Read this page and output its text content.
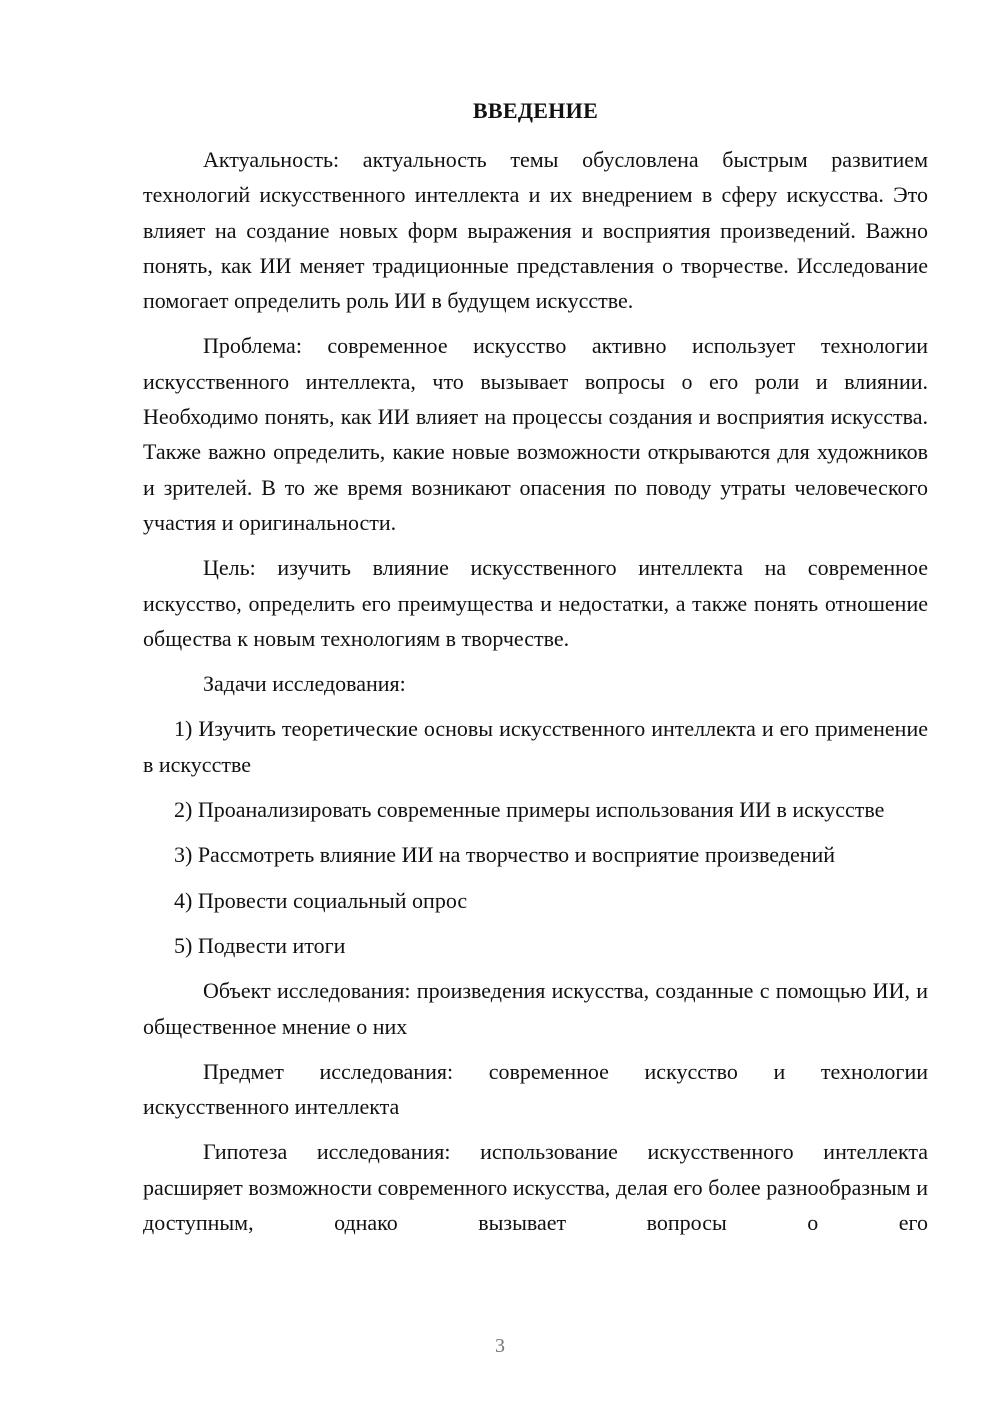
ВВЕДЕНИЕ

Актуальность: актуальность темы обусловлена быстрым развитием технологий искусственного интеллекта и их внедрением в сферу искусства. Это влияет на создание новых форм выражения и восприятия произведений. Важно понять, как ИИ меняет традиционные представления о творчестве. Исследование помогает определить роль ИИ в будущем искусстве.

Проблема: современное искусство активно использует технологии искусственного интеллекта, что вызывает вопросы о его роли и влиянии. Необходимо понять, как ИИ влияет на процессы создания и восприятия искусства. Также важно определить, какие новые возможности открываются для художников и зрителей. В то же время возникают опасения по поводу утраты человеческого участия и оригинальности.

Цель: изучить влияние искусственного интеллекта на современное искусство, определить его преимущества и недостатки, а также понять отношение общества к новым технологиям в творчестве.

Задачи исследования:

1) Изучить теоретические основы искусственного интеллекта и его применение в искусстве

2) Проанализировать современные примеры использования ИИ в искусстве

3) Рассмотреть влияние ИИ на творчество и восприятие произведений

4) Провести социальный опрос

5) Подвести итоги

Объект исследования: произведения искусства, созданные с помощью ИИ, и общественное мнение о них

Предмет исследования: современное искусство и технологии искусственного интеллекта

Гипотеза исследования: использование искусственного интеллекта расширяет возможности современного искусства, делая его более разнообразным и доступным, однако вызывает вопросы о его

3
